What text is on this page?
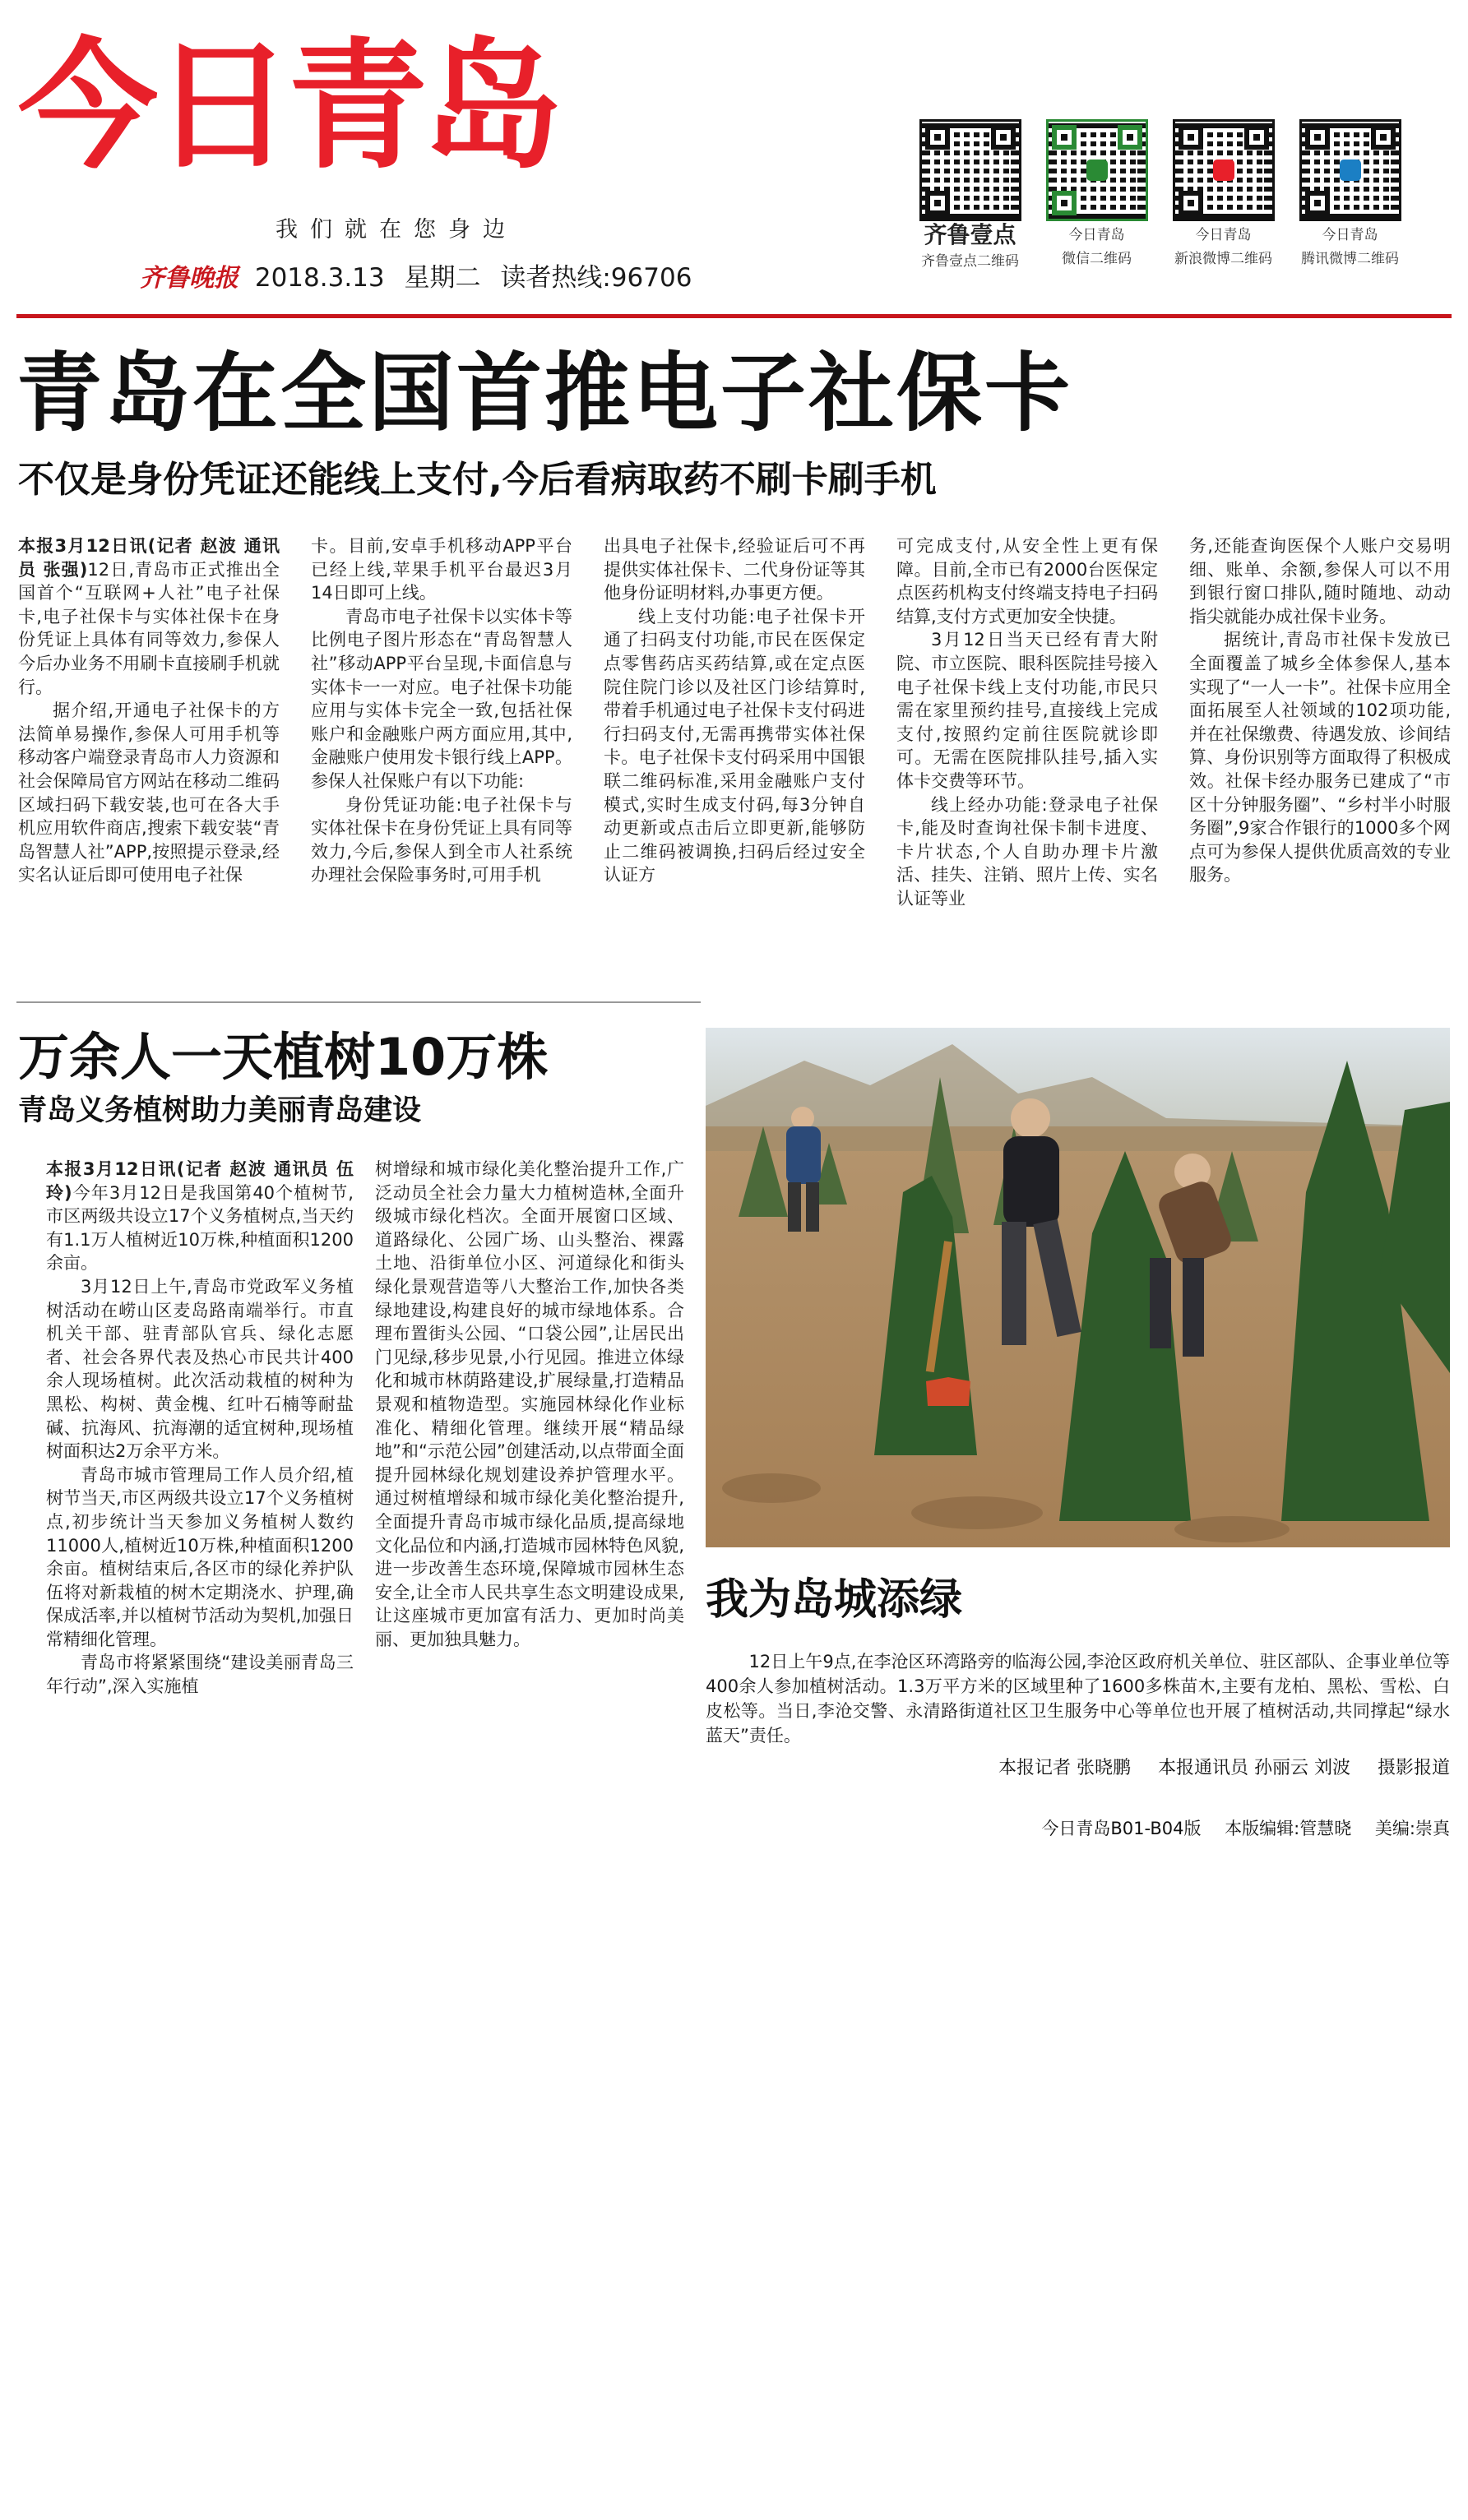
今日青岛
我们就在您身边
齐鲁晚报 2018.3.13 星期二 读者热线:96706
齐鲁壹点
齐鲁壹点二维码
今日青岛
微信二维码
今日青岛
新浪微博二维码
今日青岛
腾讯微博二维码
青岛在全国首推电子社保卡
不仅是身份凭证还能线上支付,今后看病取药不刷卡刷手机

本报3月12日讯(记者 赵波 通讯员 张强)12日,青岛市正式推出全国首个“互联网+人社”电子社保卡,电子社保卡与实体社保卡在身份凭证上具体有同等效力,参保人今后办业务不用刷卡直接刷手机就行。

据介绍,开通电子社保卡的方法简单易操作,参保人可用手机等移动客户端登录青岛市人力资源和社会保障局官方网站在移动二维码区域扫码下载安装,也可在各大手机应用软件商店,搜索下载安装“青岛智慧人社”APP,按照提示登录,经实名认证后即可使用电子社保

卡。目前,安卓手机移动APP平台已经上线,苹果手机平台最迟3月14日即可上线。

青岛市电子社保卡以实体卡等比例电子图片形态在“青岛智慧人社”移动APP平台呈现,卡面信息与实体卡一一对应。电子社保卡功能应用与实体卡完全一致,包括社保账户和金融账户两方面应用,其中,金融账户使用发卡银行线上APP。参保人社保账户有以下功能:

身份凭证功能:电子社保卡与实体社保卡在身份凭证上具有同等效力,今后,参保人到全市人社系统办理社会保险事务时,可用手机

出具电子社保卡,经验证后可不再提供实体社保卡、二代身份证等其他身份证明材料,办事更方便。

线上支付功能:电子社保卡开通了扫码支付功能,市民在医保定点零售药店买药结算,或在定点医院住院门诊以及社区门诊结算时,带着手机通过电子社保卡支付码进行扫码支付,无需再携带实体社保卡。电子社保卡支付码采用中国银联二维码标准,采用金融账户支付模式,实时生成支付码,每3分钟自动更新或点击后立即更新,能够防止二维码被调换,扫码后经过安全认证方

可完成支付,从安全性上更有保障。目前,全市已有2000台医保定点医药机构支付终端支持电子扫码结算,支付方式更加安全快捷。

3月12日当天已经有青大附院、市立医院、眼科医院挂号接入电子社保卡线上支付功能,市民只需在家里预约挂号,直接线上完成支付,按照约定前往医院就诊即可。无需在医院排队挂号,插入实体卡交费等环节。

线上经办功能:登录电子社保卡,能及时查询社保卡制卡进度、卡片状态,个人自助办理卡片激活、挂失、注销、照片上传、实名认证等业

务,还能查询医保个人账户交易明细、账单、余额,参保人可以不用到银行窗口排队,随时随地、动动指尖就能办成社保卡业务。

据统计,青岛市社保卡发放已全面覆盖了城乡全体参保人,基本实现了“一人一卡”。社保卡应用全面拓展至人社领域的102项功能,并在社保缴费、待遇发放、诊间结算、身份识别等方面取得了积极成效。社保卡经办服务已建成了“市区十分钟服务圈”、“乡村半小时服务圈”,9家合作银行的1000多个网点可为参保人提供优质高效的专业服务。

万余人一天植树10万株
青岛义务植树助力美丽青岛建设

本报3月12日讯(记者 赵波 通讯员 伍玲)今年3月12日是我国第40个植树节,市区两级共设立17个义务植树点,当天约有1.1万人植树近10万株,种植面积1200余亩。

3月12日上午,青岛市党政军义务植树活动在崂山区麦岛路南端举行。市直机关干部、驻青部队官兵、绿化志愿者、社会各界代表及热心市民共计400余人现场植树。此次活动栽植的树种为黑松、构树、黄金槐、红叶石楠等耐盐碱、抗海风、抗海潮的适宜树种,现场植树面积达2万余平方米。

青岛市城市管理局工作人员介绍,植树节当天,市区两级共设立17个义务植树点,初步统计当天参加义务植树人数约11000人,植树近10万株,种植面积1200余亩。植树结束后,各区市的绿化养护队伍将对新栽植的树木定期浇水、护理,确保成活率,并以植树节活动为契机,加强日常精细化管理。

青岛市将紧紧围绕“建设美丽青岛三年行动”,深入实施植

树增绿和城市绿化美化整治提升工作,广泛动员全社会力量大力植树造林,全面升级城市绿化档次。全面开展窗口区域、道路绿化、公园广场、山头整治、裸露土地、沿街单位小区、河道绿化和街头绿化景观营造等八大整治工作,加快各类绿地建设,构建良好的城市绿地体系。合理布置街头公园、“口袋公园”,让居民出门见绿,移步见景,小行见园。推进立体绿化和城市林荫路建设,扩展绿量,打造精品景观和植物造型。实施园林绿化作业标准化、精细化管理。继续开展“精品绿地”和“示范公园”创建活动,以点带面全面提升园林绿化规划建设养护管理水平。通过树植增绿和城市绿化美化整治提升,全面提升青岛市城市绿化品质,提高绿地文化品位和内涵,打造城市园林特色风貌,进一步改善生态环境,保障城市园林生态安全,让全市人民共享生态文明建设成果,让这座城市更加富有活力、更加时尚美丽、更加独具魅力。

我为岛城添绿

12日上午9点,在李沧区环湾路旁的临海公园,李沧区政府机关单位、驻区部队、企事业单位等400余人参加植树活动。1.3万平方米的区域里种了1600多株苗木,主要有龙柏、黑松、雪松、白皮松等。当日,李沧交警、永清路街道社区卫生服务中心等单位也开展了植树活动,共同撑起“绿水蓝天”责任。

本报记者 张晓鹏 本报通讯员 孙丽云 刘波 摄影报道
今日青岛B01-B04版 本版编辑:管慧晓 美编:崇真
